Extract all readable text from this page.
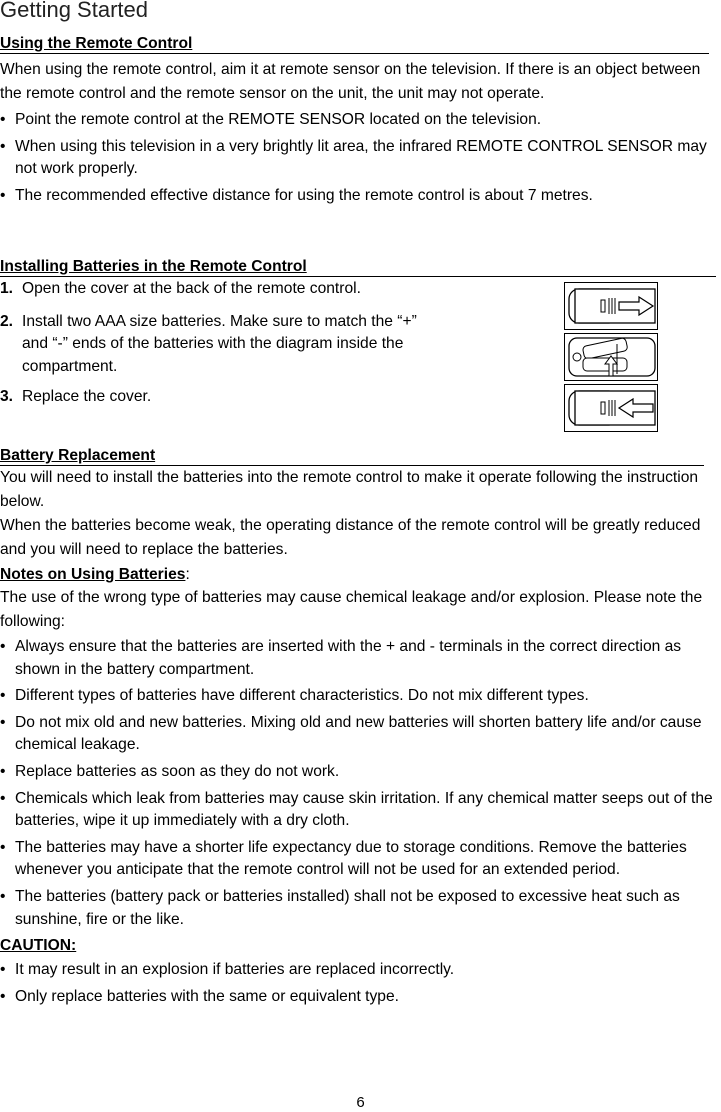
Getting Started
Using the Remote Control

When using the remote control, aim it at remote sensor on the television. If there is an object between the remote control and the remote sensor on the unit, the unit may not operate.

• Point the remote control at the REMOTE SENSOR located on the television.
• When using this television in a very brightly lit area, the infrared REMOTE CONTROL SENSOR may not work properly.
• The recommended effective distance for using the remote control is about 7 metres.
Installing Batteries in the Remote Control
1. Open the cover at the back of the remote control.
2. Install two AAA size batteries. Make sure to match the “+” and “-” ends of the batteries with the diagram inside the compartment.
3. Replace the cover.
Battery Replacement

You will need to install the batteries into the remote control to make it operate following the instruction below.

When the batteries become weak, the operating distance of the remote control will be greatly reduced and you will need to replace the batteries.

Notes on Using Batteries:

The use of the wrong type of batteries may cause chemical leakage and/or explosion. Please note the following:

• Always ensure that the batteries are inserted with the + and - terminals in the correct direction as shown in the battery compartment.
• Different types of batteries have different characteristics. Do not mix different types.
• Do not mix old and new batteries. Mixing old and new batteries will shorten battery life and/or cause chemical leakage.
• Replace batteries as soon as they do not work.
• Chemicals which leak from batteries may cause skin irritation. If any chemical matter seeps out of the batteries, wipe it up immediately with a dry cloth.
• The batteries may have a shorter life expectancy due to storage conditions. Remove the batteries whenever you anticipate that the remote control will not be used for an extended period.
• The batteries (battery pack or batteries installed) shall not be exposed to excessive heat such as sunshine, fire or the like.

CAUTION:

• It may result in an explosion if batteries are replaced incorrectly.
• Only replace batteries with the same or equivalent type.
6
